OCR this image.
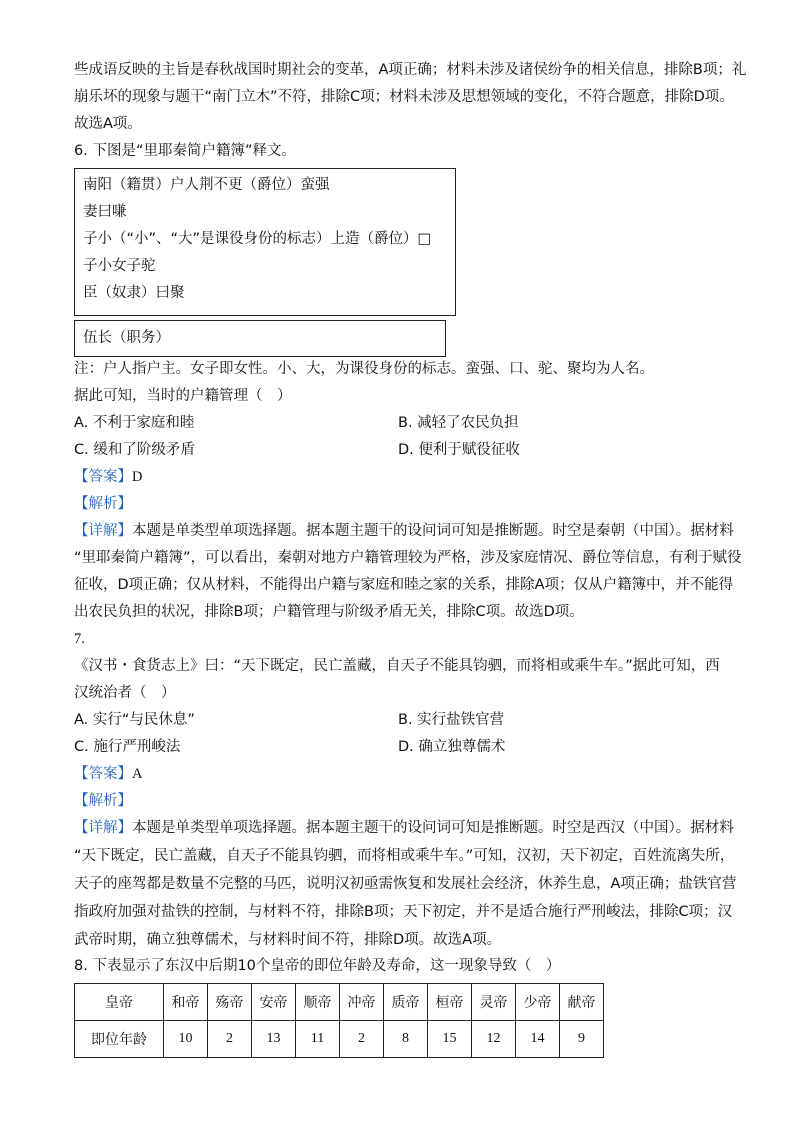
些成语反映的主旨是春秋战国时期社会的变革，A项正确；材料未涉及诸侯纷争的相关信息，排除B项；礼
崩乐坏的现象与题干“南门立木”不符，排除C项；材料未涉及思想领域的变化，不符合题意，排除D项。
故选A项。
6. 下图是“里耶秦简户籍簿”释文。
南阳（籍贯）户人荆不更（爵位）蛮强
妻曰嗛
子小（“小”、“大”是课役身份的标志）上造（爵位）□
子小女子驼
臣（奴隶）曰聚
伍长（职务）
注：户人指户主。女子即女性。小、大，为课役身份的标志。蛮强、口、驼、聚均为人名。
据此可知，当时的户籍管理（　）
A. 不利于家庭和睦	B. 减轻了农民负担
C. 缓和了阶级矛盾	D. 便利于赋役征收
【答案】D
【解析】
【详解】本题是单类型单项选择题。据本题主题干的设问词可知是推断题。时空是秦朝（中国）。据材料
“里耶秦简户籍簿”，可以看出，秦朝对地方户籍管理较为严格，涉及家庭情况、爵位等信息，有利于赋役
征收，D项正确；仅从材料，不能得出户籍与家庭和睦之家的关系，排除A项；仅从户籍簿中，并不能得
出农民负担的状况，排除B项；户籍管理与阶级矛盾无关，排除C项。故选D项。
7.
《汉书・食货志上》曰：“天下既定，民亡盖藏，自天子不能具钧驷，而将相或乘牛车。”据此可知，西
汉统治者（　）
A. 实行“与民休息”	B. 实行盐铁官营
C. 施行严刑峻法	D. 确立独尊儒术
【答案】A
【解析】
【详解】本题是单类型单项选择题。据本题主题干的设问词可知是推断题。时空是西汉（中国）。据材料
“天下既定，民亡盖藏，自天子不能具钧驷，而将相或乘牛车。”可知，汉初，天下初定，百姓流离失所，
天子的座驾都是数量不完整的马匹，说明汉初亟需恢复和发展社会经济，休养生息，A项正确；盐铁官营
指政府加强对盐铁的控制，与材料不符，排除B项；天下初定，并不是适合施行严刑峻法，排除C项；汉
武帝时期，确立独尊儒术，与材料时间不符，排除D项。故选A项。
8. 下表显示了东汉中后期10个皇帝的即位年龄及寿命，这一现象导致（　）
皇帝	和帝	殇帝	安帝	顺帝	冲帝	质帝	桓帝	灵帝	少帝	献帝
即位年龄	10	2	13	11	2	8	15	12	14	9
